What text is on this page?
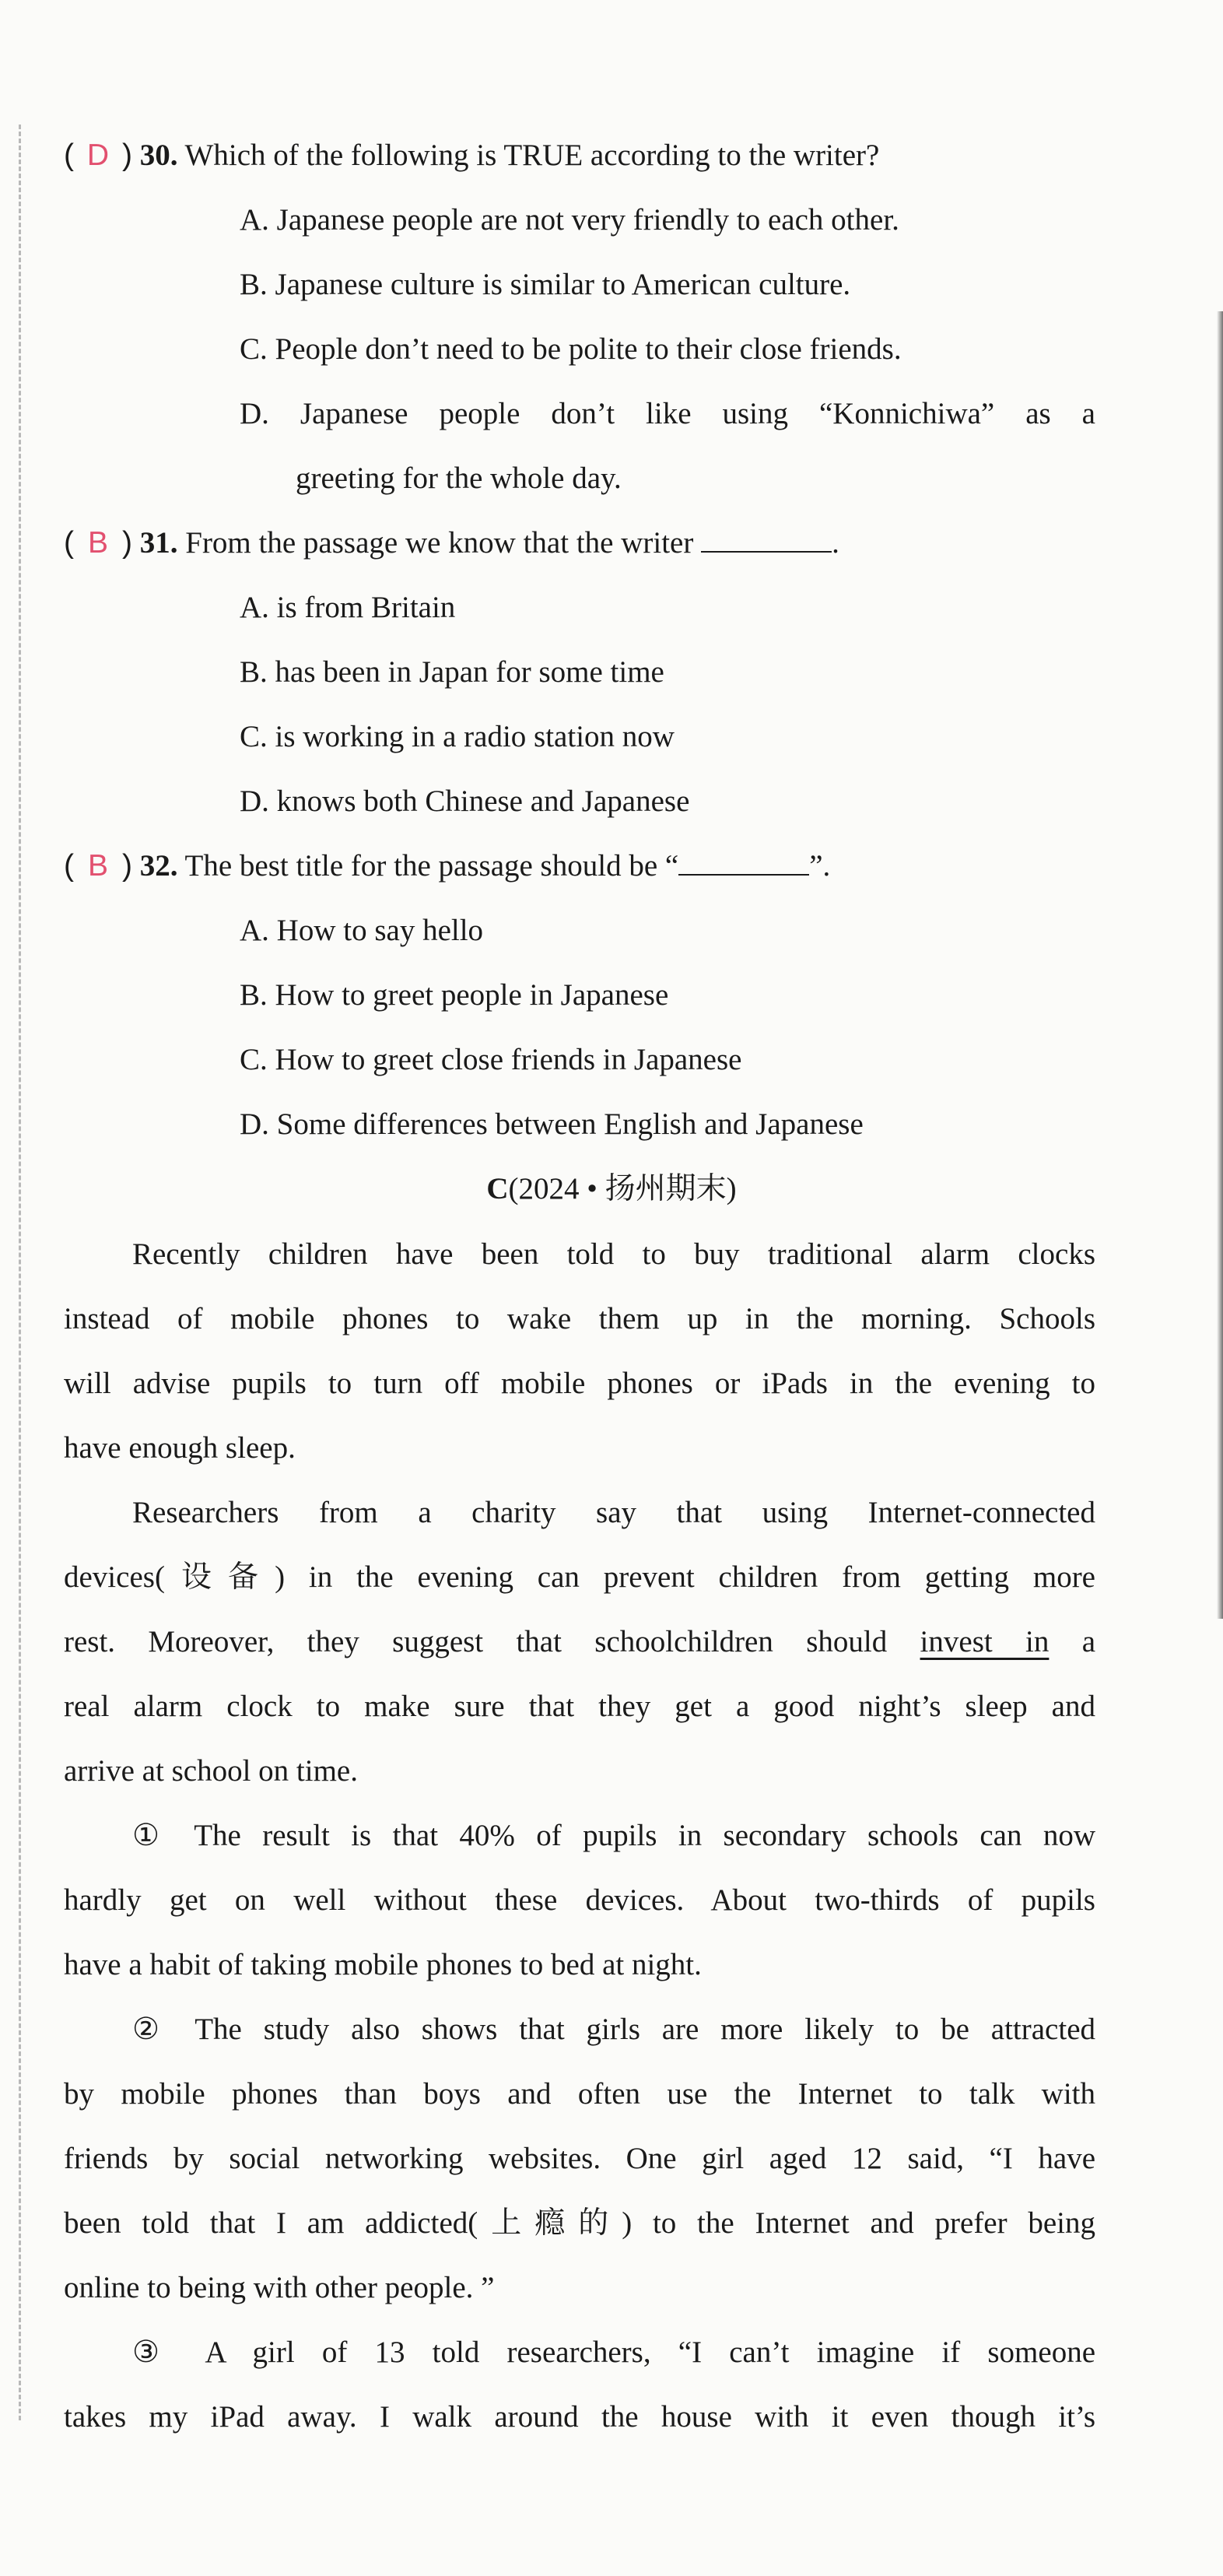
( D ) 30. Which of the following is TRUE according to the writer?
A. Japanese people are not very friendly to each other.
B. Japanese culture is similar to American culture.
C. People don’t need to be polite to their close friends.
D. Japanese people don’t like using “Konnichiwa” as a
greeting for the whole day.
( B ) 31. From the passage we know that the writer	.
A. is from Britain
B. has been in Japan for some time
C. is working in a radio station now
D. knows both Chinese and Japanese
( B ) 32. The best title for the passage should be “	”.
A. How to say hello
B. How to greet people in Japanese
C. How to greet close friends in Japanese
D. Some differences between English and Japanese
C(2024 • 扬州期末)
Recently children have been told to buy traditional alarm clocks
instead of mobile phones to wake them up in the morning. Schools
will advise pupils to turn off mobile phones or iPads in the evening to
have enough sleep.
Researchers from a charity say that using Internet-connected
devices(设备) in the evening can prevent children from getting more
rest. Moreover, they suggest that schoolchildren should invest in a
real alarm clock to make sure that they get a good night’s sleep and
arrive at school on time.
① The result is that 40% of pupils in secondary schools can now
hardly get on well without these devices. About two-thirds of pupils
have a habit of taking mobile phones to bed at night.
② The study also shows that girls are more likely to be attracted
by mobile phones than boys and often use the Internet to talk with
friends by social networking websites. One girl aged 12 said, “I have
been told that I am addicted(上瘾的) to the Internet and prefer being
online to being with other people. ”
③ A girl of 13 told researchers, “I can’t imagine if someone
takes my iPad away. I walk around the house with it even though it’s
